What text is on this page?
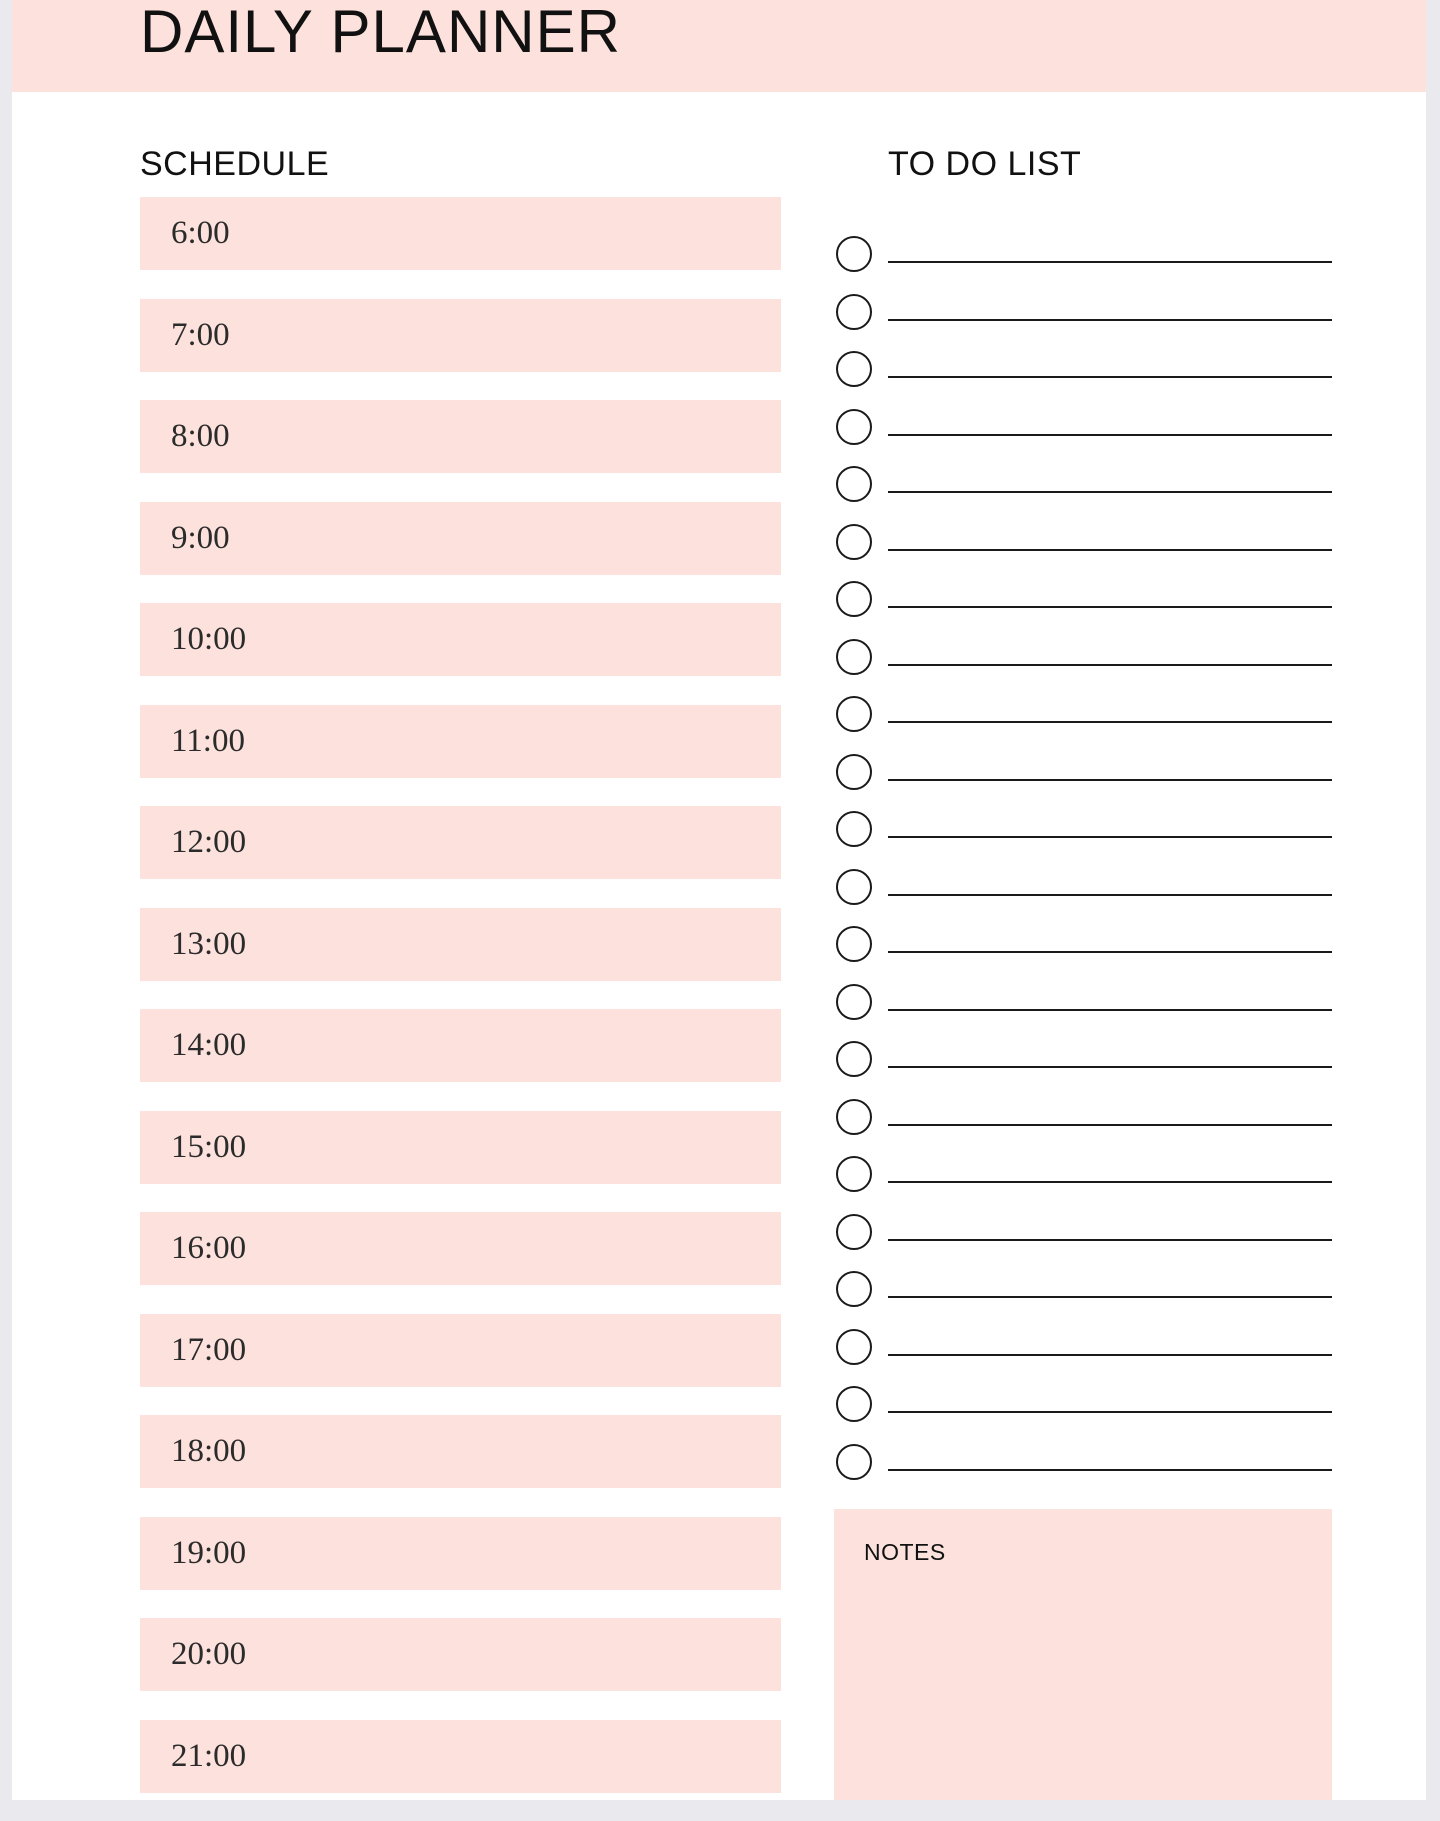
DAILY PLANNER
SCHEDULE	TO DO LIST
6:00
7:00
8:00
9:00
10:00
11:00
12:00
13:00
14:00
15:00
16:00
17:00
18:00
19:00
20:00
21:00
NOTES
